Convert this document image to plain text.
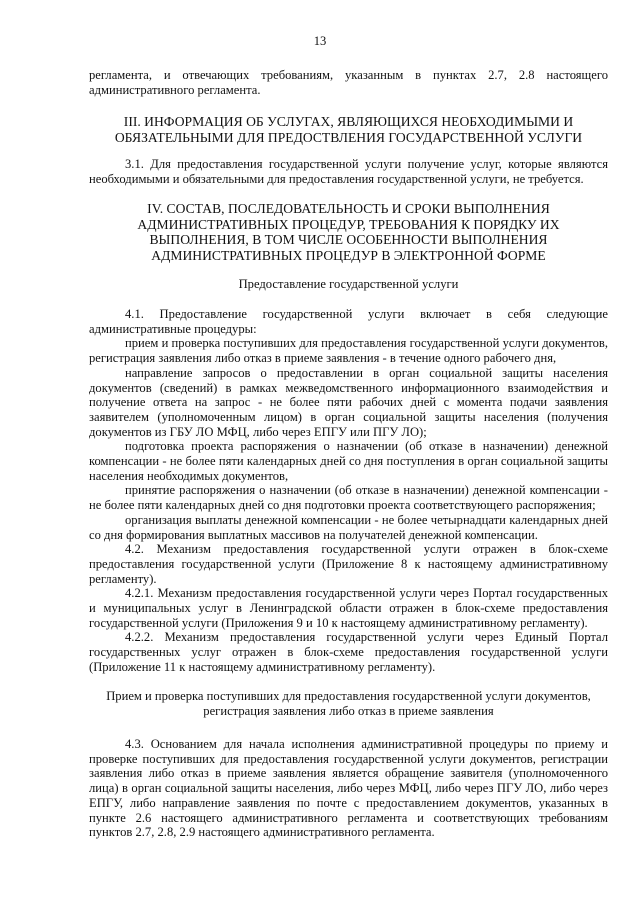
13

регламента, и отвечающих требованиям, указанным в пунктах 2.7, 2.8 настоящего административного регламента.

III. ИНФОРМАЦИЯ ОБ УСЛУГАХ, ЯВЛЯЮЩИХСЯ НЕОБХОДИМЫМИ И ОБЯЗАТЕЛЬНЫМИ ДЛЯ ПРЕДОСТВЛЕНИЯ ГОСУДАРСТВЕННОЙ УСЛУГИ

3.1. Для предоставления государственной услуги получение услуг, которые являются необходимыми и обязательными для предоставления государственной услуги, не требуется.

IV. СОСТАВ, ПОСЛЕДОВАТЕЛЬНОСТЬ И СРОКИ ВЫПОЛНЕНИЯ АДМИНИСТРАТИВНЫХ ПРОЦЕДУР, ТРЕБОВАНИЯ К ПОРЯДКУ ИХ ВЫПОЛНЕНИЯ, В ТОМ ЧИСЛЕ ОСОБЕННОСТИ ВЫПОЛНЕНИЯ АДМИНИСТРАТИВНЫХ ПРОЦЕДУР В ЭЛЕКТРОННОЙ ФОРМЕ

Предоставление государственной услуги

4.1. Предоставление государственной услуги включает в себя следующие административные процедуры:

прием и проверка поступивших для предоставления государственной услуги документов, регистрация заявления либо отказ в приеме заявления - в течение одного рабочего дня,

направление запросов о предоставлении в орган социальной защиты населения документов (сведений) в рамках межведомственного информационного взаимодействия и получение ответа на запрос - не более пяти рабочих дней с момента подачи заявления заявителем (уполномоченным лицом) в орган социальной защиты населения (получения документов из ГБУ ЛО МФЦ, либо через ЕПГУ или ПГУ ЛО);

подготовка проекта распоряжения о назначении (об отказе в назначении) денежной компенсации - не более пяти календарных дней со дня поступления в орган социальной защиты населения необходимых документов,

принятие распоряжения о назначении (об отказе в назначении) денежной компенсации - не более пяти календарных дней со дня подготовки проекта соответствующего распоряжения;

организация выплаты денежной компенсации - не более четырнадцати календарных дней со дня формирования выплатных массивов на получателей денежной компенсации.

4.2. Механизм предоставления государственной услуги отражен в блок-схеме предоставления государственной услуги (Приложение 8 к настоящему административному регламенту).

4.2.1. Механизм предоставления государственной услуги через Портал государственных и муниципальных услуг в Ленинградской области отражен в блок-схеме предоставления государственной услуги (Приложения 9 и 10 к настоящему административному регламенту).

4.2.2. Механизм предоставления государственной услуги через Единый Портал государственных услуг отражен в блок-схеме предоставления государственной услуги (Приложение 11 к настоящему административному регламенту).

Прием и проверка поступивших для предоставления государственной услуги документов, регистрация заявления либо отказ в приеме заявления

4.3. Основанием для начала исполнения административной процедуры по приему и проверке поступивших для предоставления государственной услуги документов, регистрации заявления либо отказ в приеме заявления является обращение заявителя (уполномоченного лица) в орган социальной защиты населения, либо через МФЦ, либо через ПГУ ЛО, либо через ЕПГУ, либо направление заявления по почте с предоставлением документов, указанных в пункте 2.6 настоящего административного регламента и соответствующих требованиям пунктов 2.7, 2.8, 2.9 настоящего административного регламента.
